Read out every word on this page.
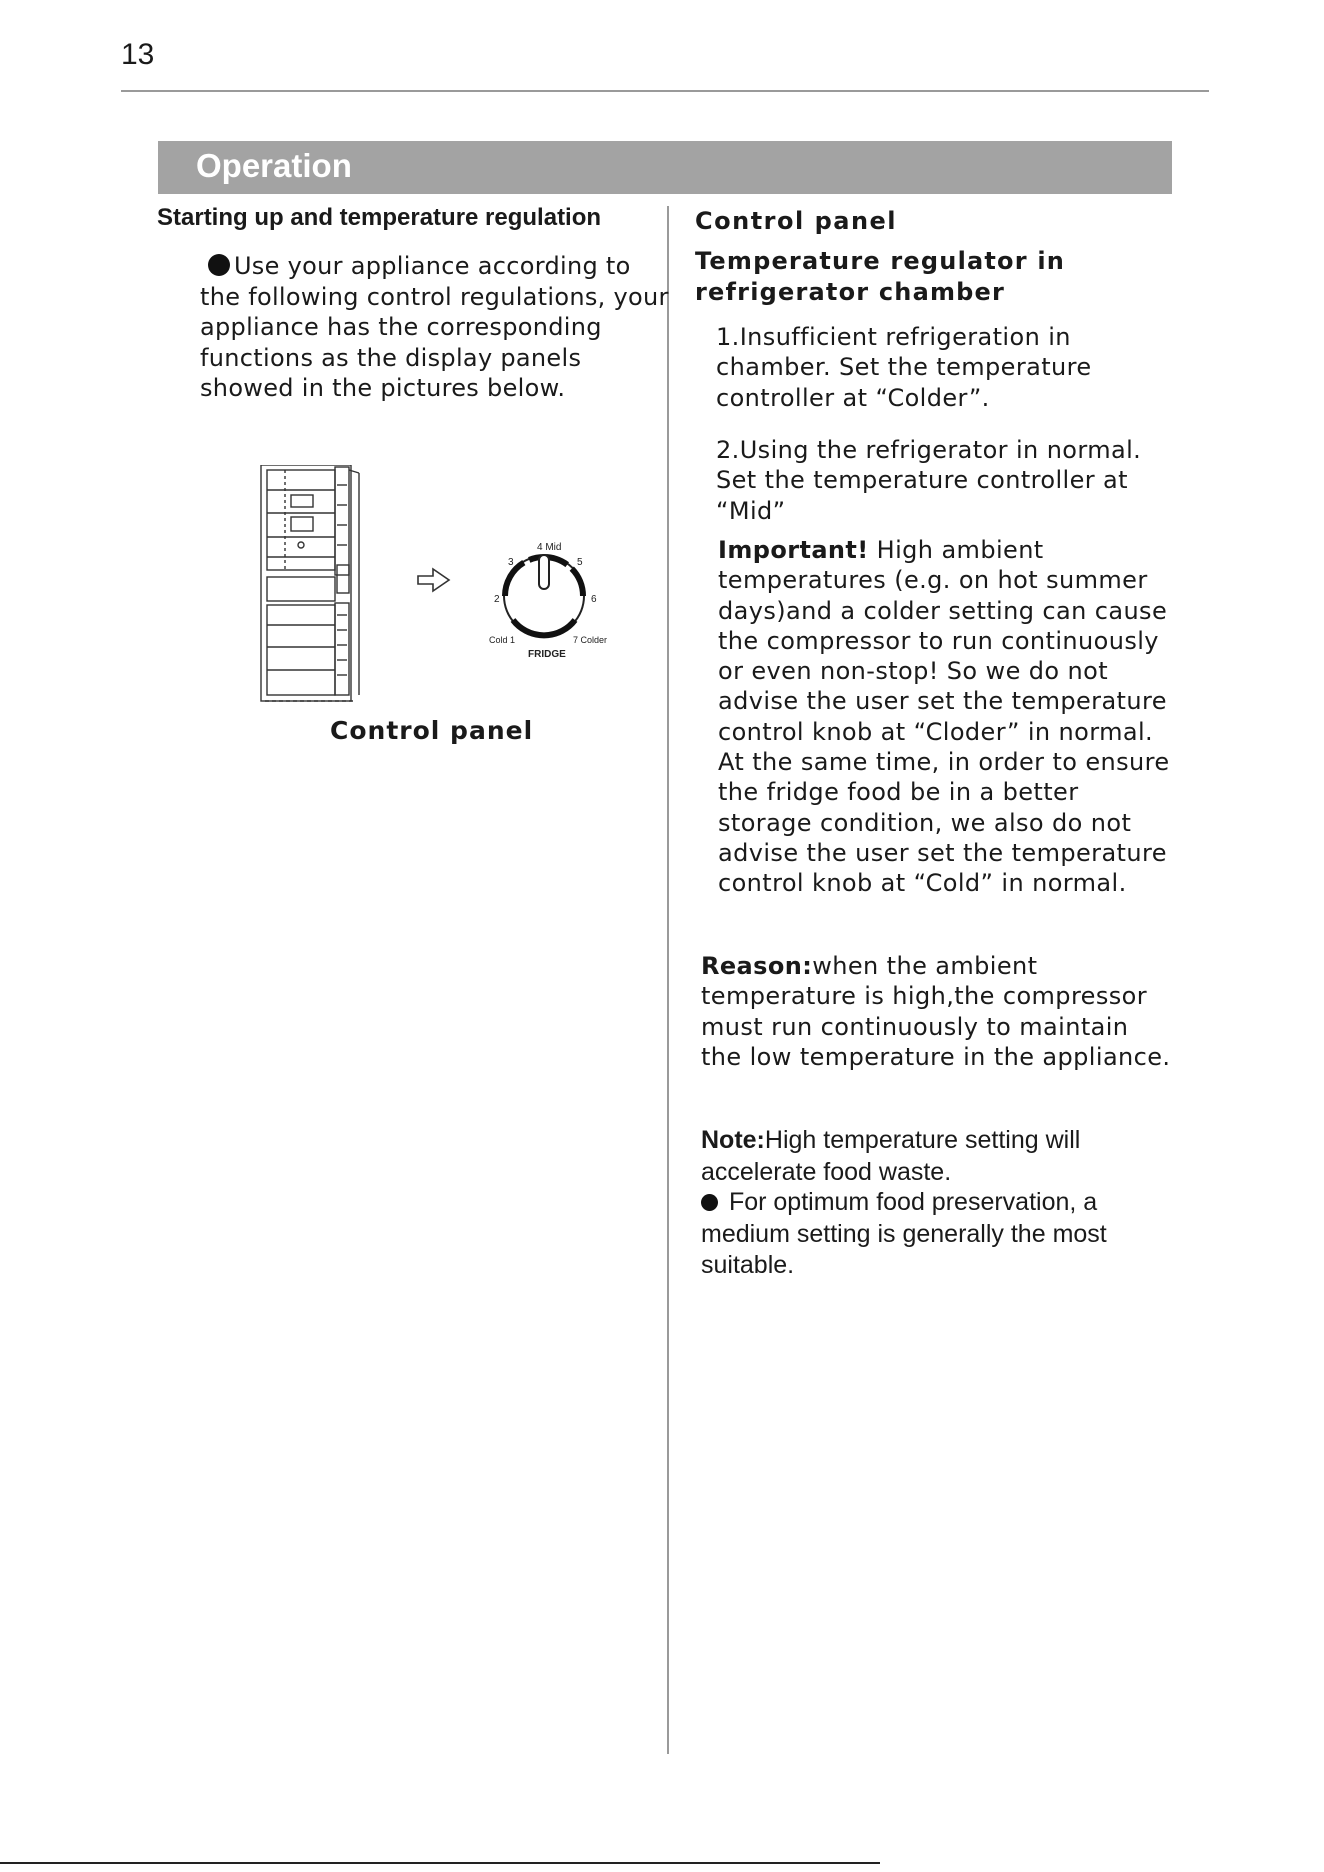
13
Operation
Starting up and temperature regulation
Use your appliance according to the following control regulations, your appliance has the corresponding functions as the display panels showed in the pictures below.
4 Mid
3	5
2	6
Cold 1	7 Colder
FRIDGE
Control panel
Control panel
Temperature regulator in refrigerator chamber
1.Insufficient refrigeration in chamber. Set the temperature controller at “Colder”.
2.Using the refrigerator in normal. Set the temperature controller at “Mid”
Important! High ambient temperatures (e.g. on hot summer days)and a colder setting can cause the compressor to run continuously or even non-stop! So we do not advise the user set the temperature control knob at “Cloder” in normal. At the same time, in order to ensure the fridge food be in a better storage condition, we also do not advise the user set the temperature control knob at “Cold” in normal.
Reason:when the ambient temperature is high,the compressor must run continuously to maintain the low temperature in the appliance.
Note:High temperature setting will accelerate food waste.
For optimum food preservation, a medium setting is generally the most suitable.
